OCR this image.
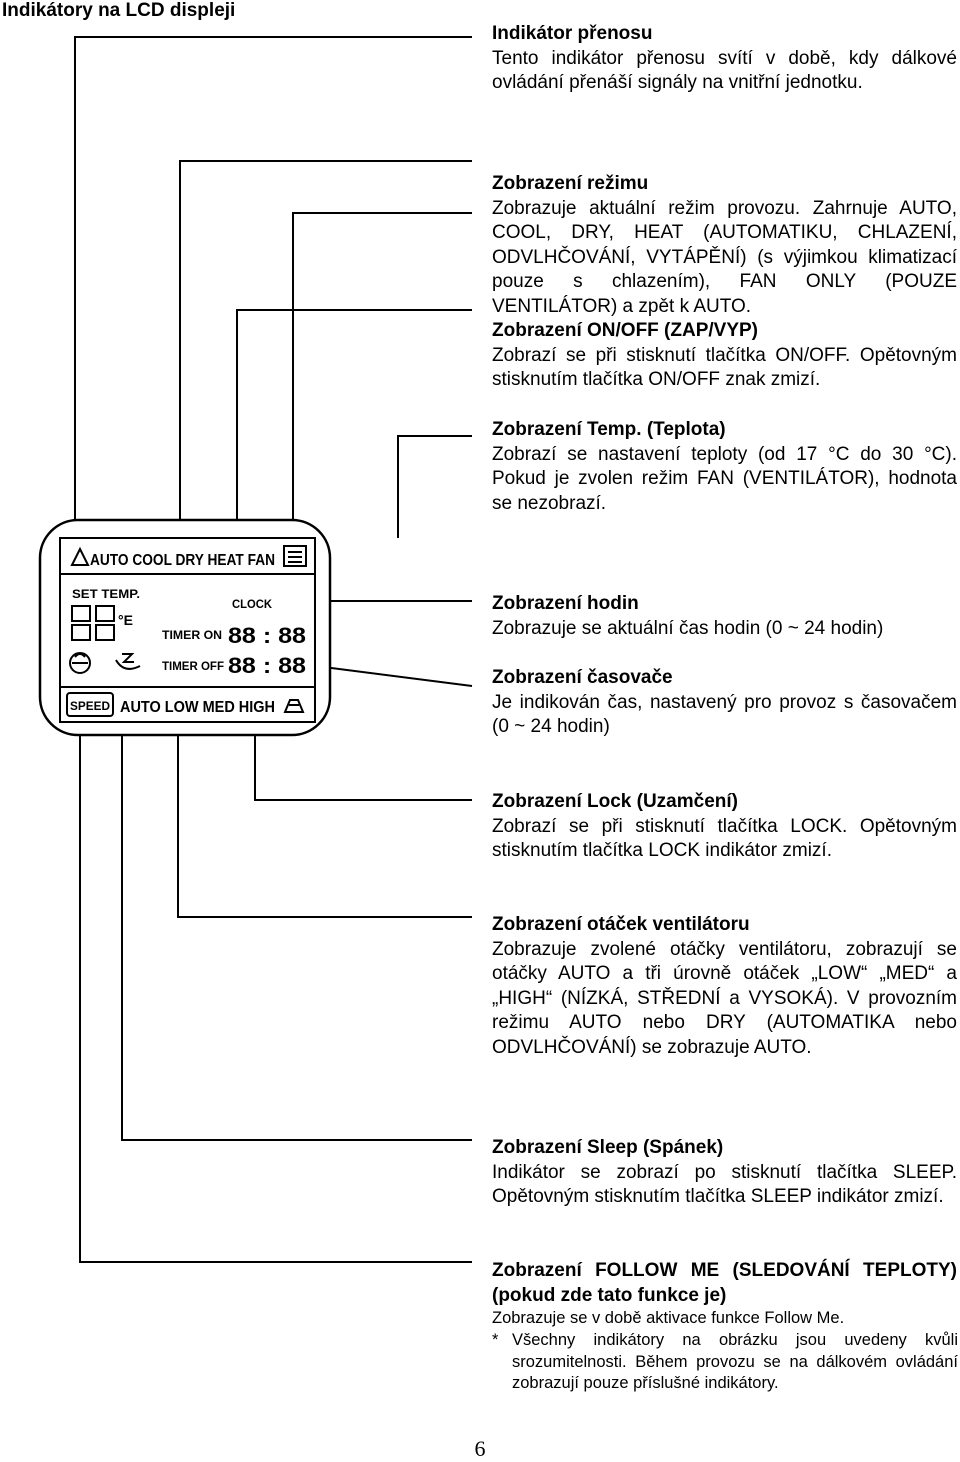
Indikátory na LCD displeji
AUTO COOL DRY HEAT FAN
SET TEMP.
°E
CLOCK
TIMER ON 88 : 88
TIMER OFF 88 : 88
SPEED AUTO LOW MED HIGH
Indikátor přenosu
Tento indikátor přenosu svítí v době, kdy dálkové ovládání přenáší signály na vnitřní jednotku.
Zobrazení režimu
Zobrazuje aktuální režim provozu. Zahrnuje AUTO, COOL, DRY, HEAT (AUTOMATIKU, CHLAZENÍ, ODVLHČOVÁNÍ, VYTÁPĚNÍ) (s výjimkou klimatizací pouze s chlazením), FAN ONLY (POUZE VENTILÁTOR) a zpět k AUTO.
Zobrazení ON/OFF (ZAP/VYP)
Zobrazí se při stisknutí tlačítka ON/OFF. Opětovným stisknutím tlačítka ON/OFF znak zmizí.
Zobrazení Temp. (Teplota)
Zobrazí se nastavení teploty (od 17 °C do 30 °C). Pokud je zvolen režim FAN (VENTILÁTOR), hodnota se nezobrazí.
Zobrazení hodin
Zobrazuje se aktuální čas hodin (0 ~ 24 hodin)
Zobrazení časovače
Je indikován čas, nastavený pro provoz s časovačem (0 ~ 24 hodin)
Zobrazení Lock (Uzamčení)
Zobrazí se při stisknutí tlačítka LOCK. Opětovným stisknutím tlačítka LOCK indikátor zmizí.
Zobrazení otáček ventilátoru
Zobrazuje zvolené otáčky ventilátoru, zobrazují se otáčky AUTO a tři úrovně otáček „LOW“ „MED“ a „HIGH“ (NÍZKÁ, STŘEDNÍ a VYSOKÁ). V provozním režimu AUTO nebo DRY (AUTOMATIKA nebo ODVLHČOVÁNÍ) se zobrazuje AUTO.
Zobrazení Sleep (Spánek)
Indikátor se zobrazí po stisknutí tlačítka SLEEP. Opětovným stisknutím tlačítka SLEEP indikátor zmizí.
Zobrazení FOLLOW ME (SLEDOVÁNÍ TEPLOTY) (pokud zde tato funkce je)
Zobrazuje se v době aktivace funkce Follow Me.
* Všechny indikátory na obrázku jsou uvedeny kvůli srozumitelnosti. Během provozu se na dálkovém ovládání zobrazují pouze příslušné indikátory.
6
